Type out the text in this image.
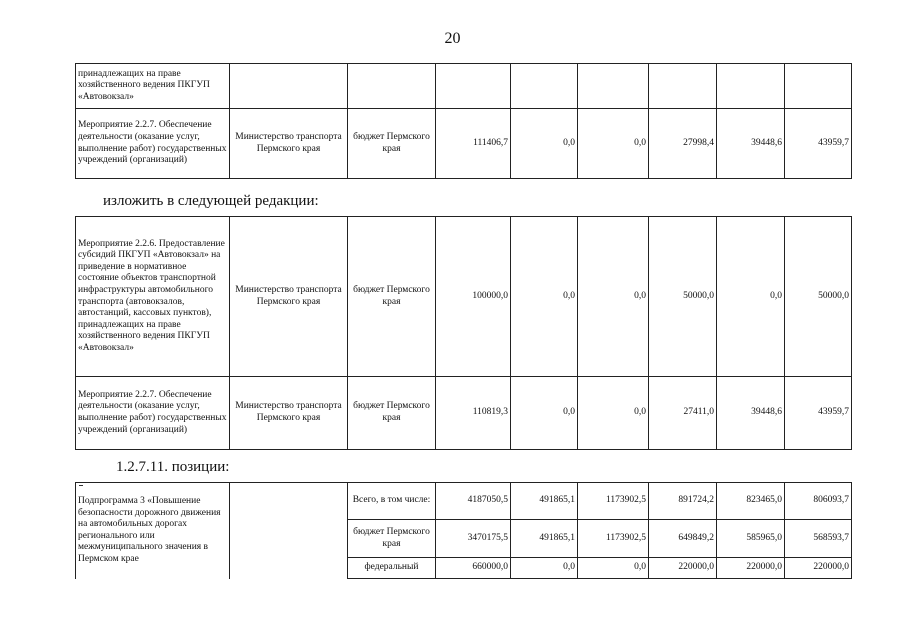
20
принадлежащих на праве хозяйственного ведения ПКГУП «Автовокзал»								
Мероприятие 2.2.7. Обеспечение деятельности (оказание услуг, выполнение работ) государственных учреждений (организаций)	Министерство транспорта Пермского края	бюджет Пермского края	111406,7	0,0	0,0	27998,4	39448,6	43959,7
изложить в следующей редакции:
Мероприятие 2.2.6. Предоставление субсидий ПКГУП «Автовокзал» на приведение в нормативное состояние объектов транспортной инфраструктуры автомобильного транспорта (автовокзалов, автостанций, кассовых пунктов), принадлежащих на праве хозяйственного ведения ПКГУП «Автовокзал»	Министерство транспорта Пермского края	бюджет Пермского края	100000,0	0,0	0,0	50000,0	0,0	50000,0
Мероприятие 2.2.7. Обеспечение деятельности (оказание услуг, выполнение работ) государственных учреждений (организаций)	Министерство транспорта Пермского края	бюджет Пермского края	110819,3	0,0	0,0	27411,0	39448,6	43959,7
1.2.7.11. позиции:
Подпрограмма 3 «Повышение безопасности дорожного движения на автомобильных дорогах регионального или межмуниципального значения в Пермском крае		Всего, в том числе:	4187050,5	491865,1	1173902,5	891724,2	823465,0	806093,7
		бюджет Пермского края	3470175,5	491865,1	1173902,5	649849,2	585965,0	568593,7
		федеральный	660000,0	0,0	0,0	220000,0	220000,0	220000,0
